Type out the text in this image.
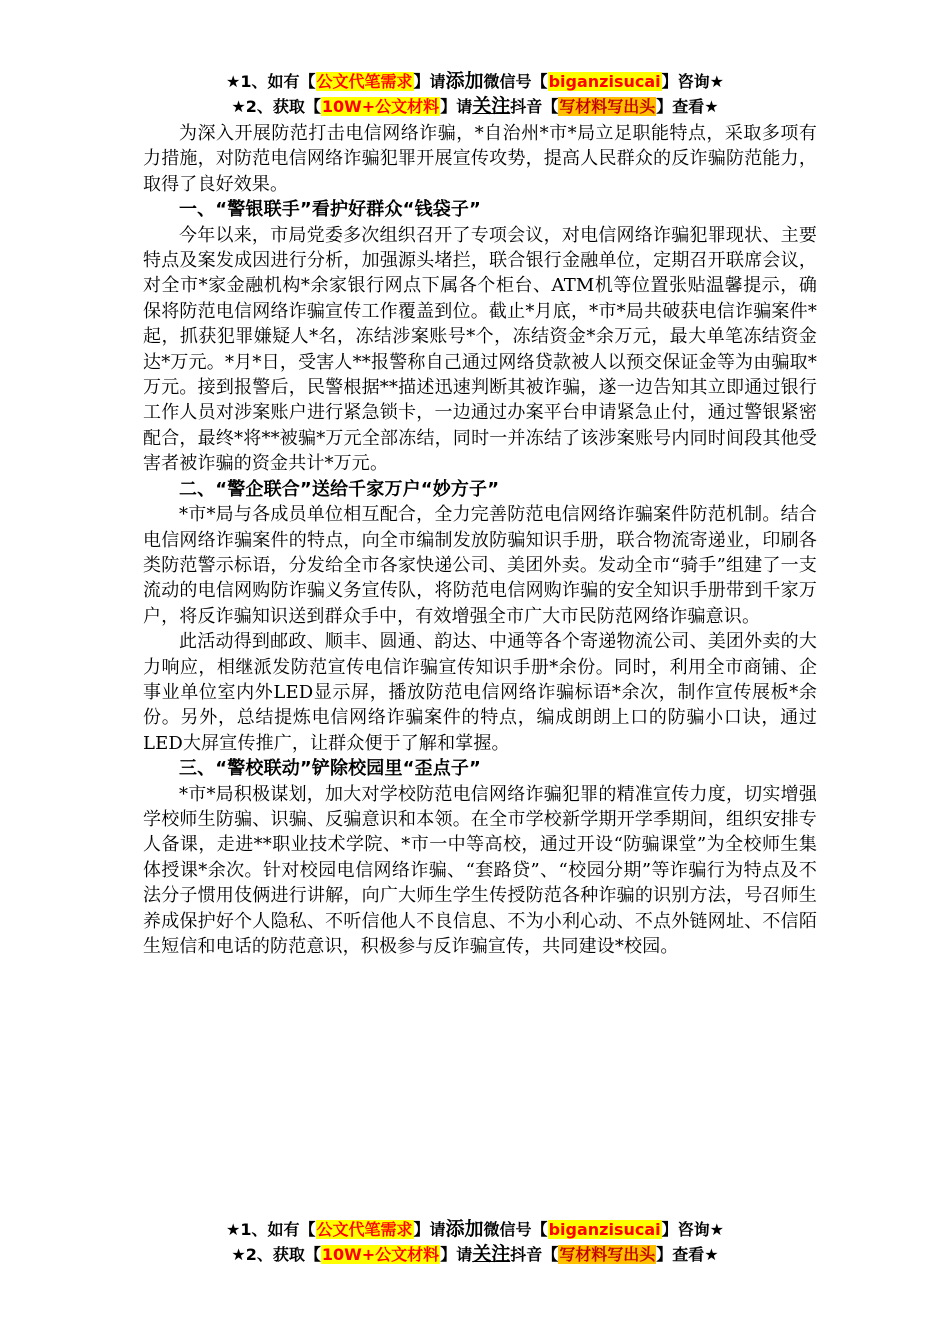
★1、如有【公文代笔需求】请添加微信号【biganzisucai】咨询★
★2、获取【10W+公文材料】请关注抖音【写材料写出头】查看★

为深入开展防范打击电信网络诈骗，*自治州*市*局立足职能特点，采取多项有力措施，对防范电信网络诈骗犯罪开展宣传攻势，提高人民群众的反诈骗防范能力，取得了良好效果。

一、“警银联手”看护好群众“钱袋子”

今年以来，市局党委多次组织召开了专项会议，对电信网络诈骗犯罪现状、主要特点及案发成因进行分析，加强源头堵拦，联合银行金融单位，定期召开联席会议，对全市*家金融机构*余家银行网点下属各个柜台、ATM机等位置张贴温馨提示，确保将防范电信网络诈骗宣传工作覆盖到位。截止*月底，*市*局共破获电信诈骗案件*起，抓获犯罪嫌疑人*名，冻结涉案账号*个，冻结资金*余万元，最大单笔冻结资金达*万元。*月*日，受害人**报警称自己通过网络贷款被人以预交保证金等为由骗取*万元。接到报警后，民警根据**描述迅速判断其被诈骗，遂一边告知其立即通过银行工作人员对涉案账户进行紧急锁卡，一边通过办案平台申请紧急止付，通过警银紧密配合，最终*将**被骗*万元全部冻结，同时一并冻结了该涉案账号内同时间段其他受害者被诈骗的资金共计*万元。

二、“警企联合”送给千家万户“妙方子”

*市*局与各成员单位相互配合，全力完善防范电信网络诈骗案件防范机制。结合电信网络诈骗案件的特点，向全市编制发放防骗知识手册，联合物流寄递业，印刷各类防范警示标语，分发给全市各家快递公司、美团外卖。发动全市“骑手”组建了一支流动的电信网购防诈骗义务宣传队，将防范电信网购诈骗的安全知识手册带到千家万户，将反诈骗知识送到群众手中，有效增强全市广大市民防范网络诈骗意识。

此活动得到邮政、顺丰、圆通、韵达、中通等各个寄递物流公司、美团外卖的大力响应，相继派发防范宣传电信诈骗宣传知识手册*余份。同时，利用全市商铺、企事业单位室内外LED显示屏，播放防范电信网络诈骗标语*余次，制作宣传展板*余份。另外，总结提炼电信网络诈骗案件的特点，编成朗朗上口的防骗小口诀，通过LED大屏宣传推广，让群众便于了解和掌握。

三、“警校联动”铲除校园里“歪点子”

*市*局积极谋划，加大对学校防范电信网络诈骗犯罪的精准宣传力度，切实增强学校师生防骗、识骗、反骗意识和本领。在全市学校新学期开学季期间，组织安排专人备课，走进**职业技术学院、*市一中等高校，通过开设“防骗课堂”为全校师生集体授课*余次。针对校园电信网络诈骗、“套路贷”、“校园分期”等诈骗行为特点及不法分子惯用伎俩进行讲解，向广大师生学生传授防范各种诈骗的识别方法，号召师生养成保护好个人隐私、不听信他人不良信息、不为小利心动、不点外链网址、不信陌生短信和电话的防范意识，积极参与反诈骗宣传，共同建设*校园。

★1、如有【公文代笔需求】请添加微信号【biganzisucai】咨询★
★2、获取【10W+公文材料】请关注抖音【写材料写出头】查看★
